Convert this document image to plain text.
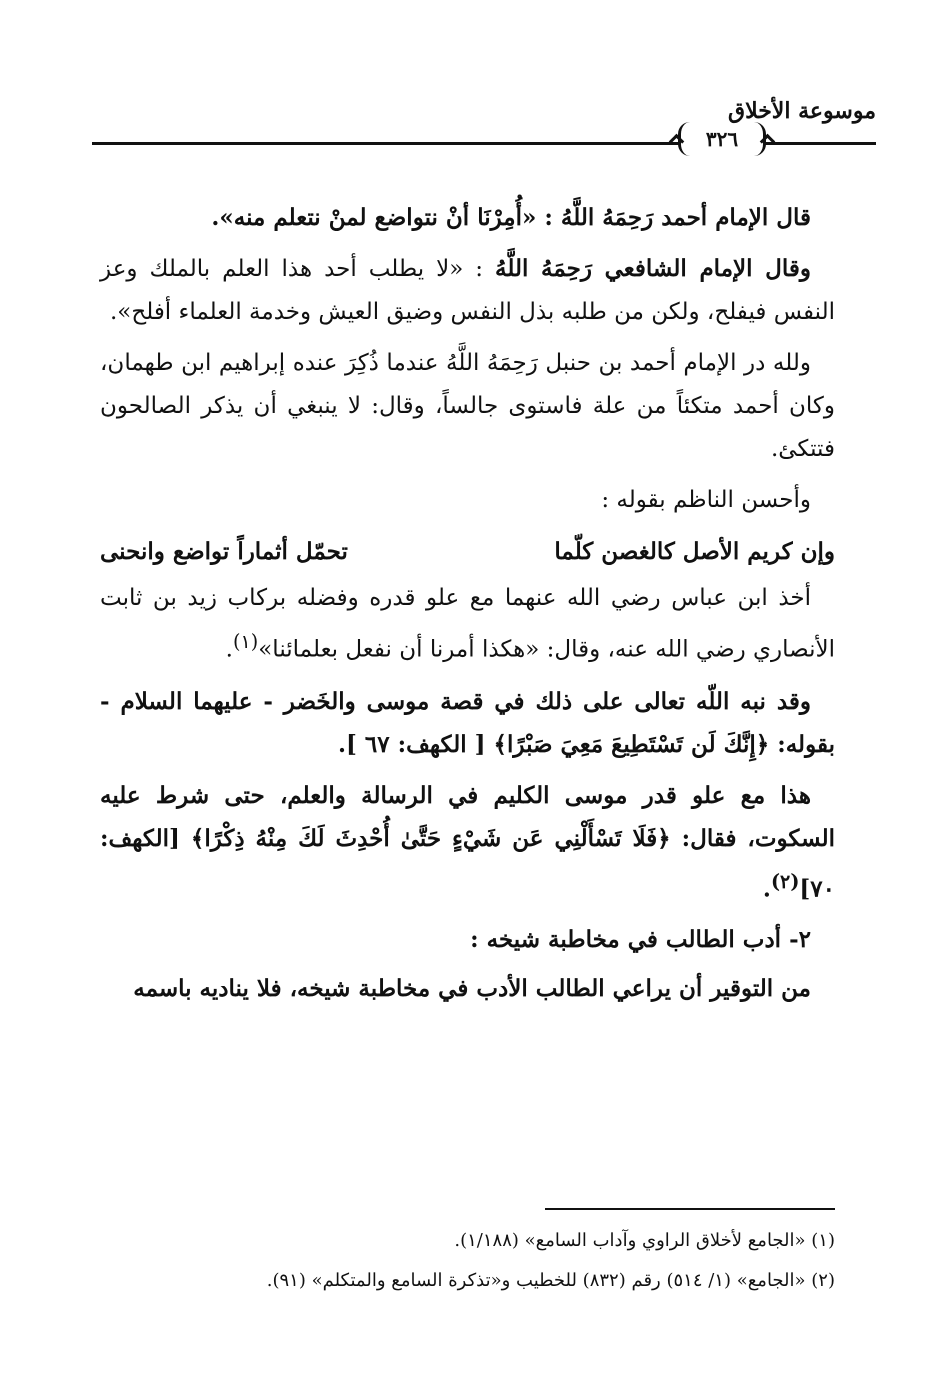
٣٢٦
موسوعة الأخلاق

قال الإمام أحمد رَحِمَهُ اللَّهُ : «أُمِرْنَا أنْ نتواضع لمنْ نتعلم منه».

وقال الإمام الشافعي رَحِمَهُ اللَّهُ : «لا يطلب أحد هذا العلم بالملك وعز النفس فيفلح، ولكن من طلبه بذل النفس وضيق العيش وخدمة العلماء أفلح».

ولله در الإمام أحمد بن حنبل رَحِمَهُ اللَّهُ عندما ذُكِرَ عنده إبراهيم ابن طهمان، وكان أحمد متكئاً من علة فاستوى جالساً، وقال: لا ينبغي أن يذكر الصالحون فتتكئ.

وأحسن الناظم بقوله :

وإن كريم الأصل كالغصن كلّما
تحمّل أثماراً تواضع وانحنى

أخذ ابن عباس رضي الله عنهما مع علو قدره وفضله بركاب زيد بن ثابت الأنصاري رضي الله عنه، وقال: «هكذا أمرنا أن نفعل بعلمائنا»$^{(١)}$.

وقد نبه اللّه تعالى على ذلك في قصة موسى والخَضر - عليهما السلام - بقوله: ﴿إِنَّكَ لَن تَسْتَطِيعَ مَعِيَ صَبْرًا﴾ [ الكهف: ٦٧ ].

هذا مع علو قدر موسى الكليم في الرسالة والعلم، حتى شرط عليه السكوت، فقال: ﴿فَلَا تَسْأَلْنِي عَن شَيْءٍ حَتَّىٰ أُحْدِثَ لَكَ مِنْهُ ذِكْرًا﴾ [الكهف: ٧٠]$^{(٢)}$.

٢- أدب الطالب في مخاطبة شيخه :

من التوقير أن يراعي الطالب الأدب في مخاطبة شيخه، فلا يناديه باسمه

(١) «الجامع لأخلاق الراوي وآداب السامع» (١/١٨٨).

(٢) «الجامع» (١/ ٥١٤) رقم (٨٣٢) للخطيب و«تذكرة السامع والمتكلم» (٩١).
